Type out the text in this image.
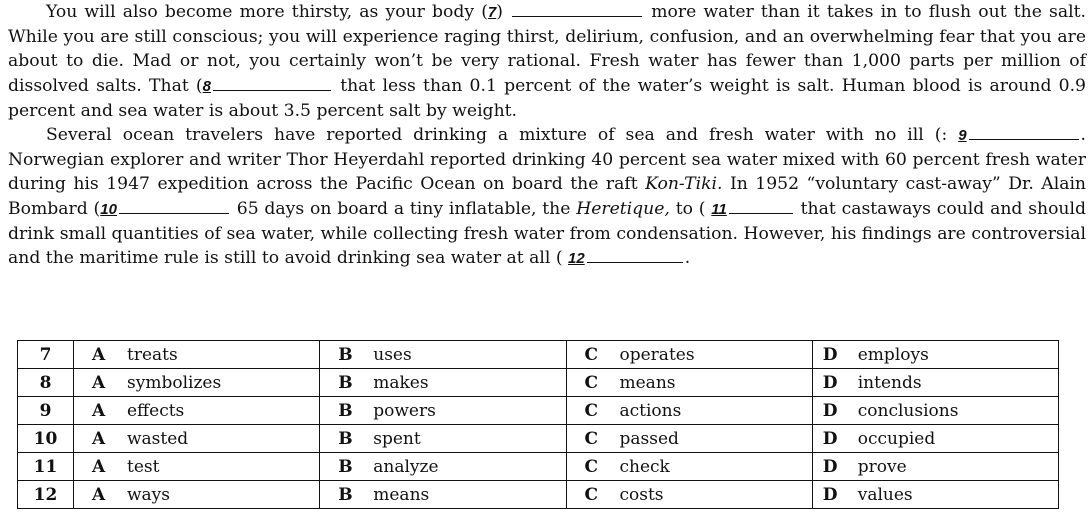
You will also become more thirsty, as your body (7)	more water than it takes in to flush out the salt. While you are still conscious; you will experience raging thirst, delirium, confusion, and an overwhelming fear that you are about to die. Mad or not, you certainly won’t be very rational. Fresh water has fewer than 1,000 parts per million of dissolved salts. That (8	that less than 0.1 percent of the water’s weight is salt. Human blood is around 0.9 percent and sea water is about 3.5 percent salt by weight.

Several ocean travelers have reported drinking a mixture of sea and fresh water with no ill (: 9	. Norwegian explorer and writer Thor Heyerdahl reported drinking 40 percent sea water mixed with 60 percent fresh water during his 1947 expedition across the Pacific Ocean on board the raft Kon-Tiki. In 1952 “voluntary cast-away” Dr. Alain Bombard (10	65 days on board a tiny inflatable, the Heretique, to ( 11	that castaways could and should drink small quantities of sea water, while collecting fresh water from condensation. However, his findings are controversial and the maritime rule is still to avoid drinking sea water at all ( 12	.

7	A treats	B uses	C operates	D employs
8	A symbolizes	B makes	C means	D intends
9	A effects	B powers	C actions	D conclusions
10	A wasted	B spent	C passed	D occupied
11	A test	B analyze	C check	D prove
12	A ways	B means	C costs	D values
